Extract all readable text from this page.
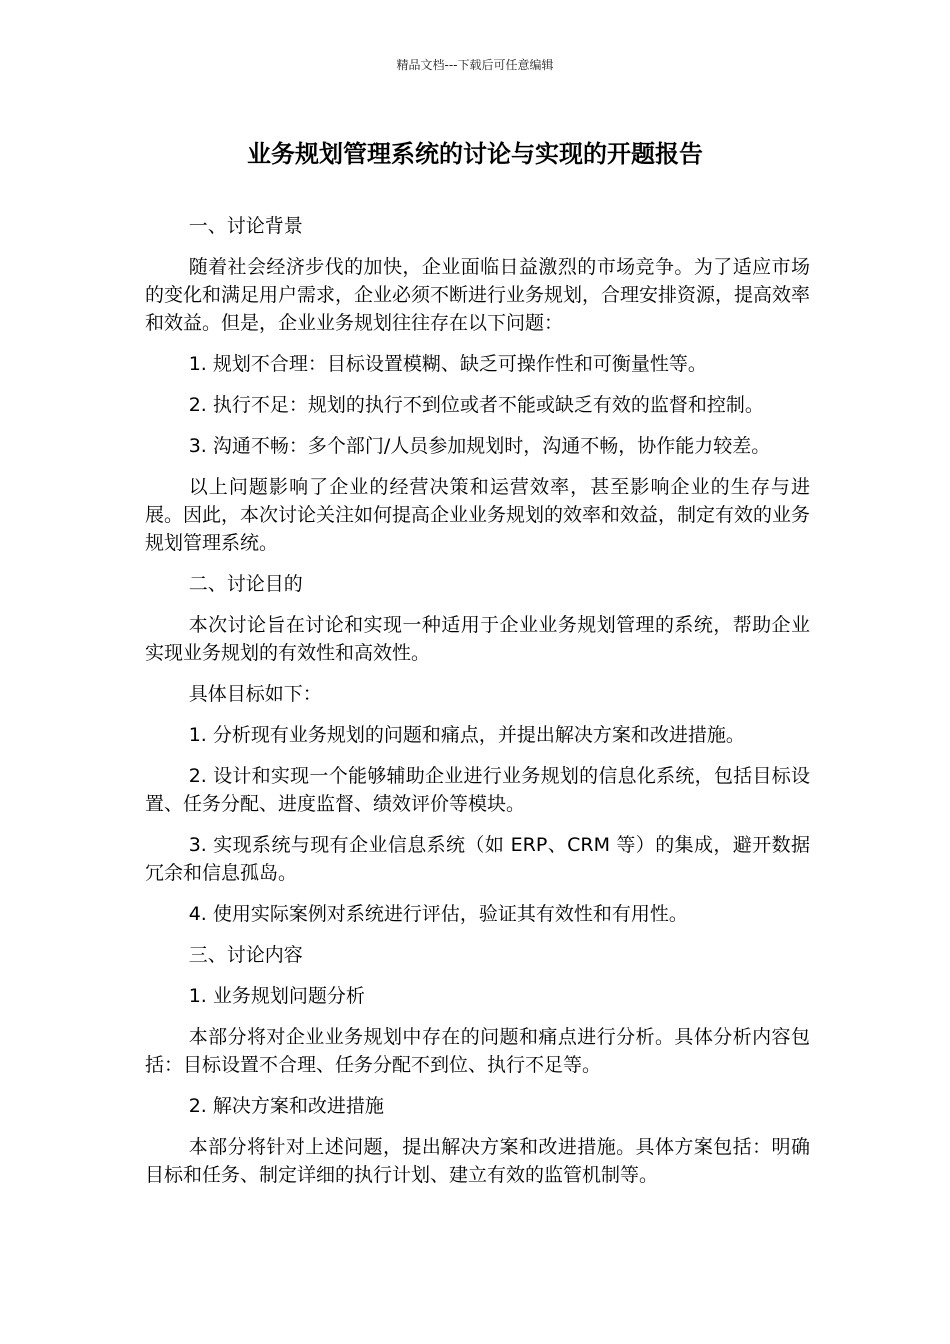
精品文档---下载后可任意编辑
业务规划管理系统的讨论与实现的开题报告

一、讨论背景

随着社会经济步伐的加快，企业面临日益激烈的市场竞争。为了适应市场的变化和满足用户需求，企业必须不断进行业务规划，合理安排资源，提高效率和效益。但是，企业业务规划往往存在以下问题：

1. 规划不合理：目标设置模糊、缺乏可操作性和可衡量性等。

2. 执行不足：规划的执行不到位或者不能或缺乏有效的监督和控制。

3. 沟通不畅：多个部门/人员参加规划时，沟通不畅，协作能力较差。

以上问题影响了企业的经营决策和运营效率，甚至影响企业的生存与进展。因此，本次讨论关注如何提高企业业务规划的效率和效益，制定有效的业务规划管理系统。

二、讨论目的

本次讨论旨在讨论和实现一种适用于企业业务规划管理的系统，帮助企业实现业务规划的有效性和高效性。

具体目标如下：

1. 分析现有业务规划的问题和痛点，并提出解决方案和改进措施。

2. 设计和实现一个能够辅助企业进行业务规划的信息化系统，包括目标设置、任务分配、进度监督、绩效评价等模块。

3. 实现系统与现有企业信息系统（如 ERP、CRM 等）的集成，避开数据冗余和信息孤岛。

4. 使用实际案例对系统进行评估，验证其有效性和有用性。

三、讨论内容

1. 业务规划问题分析

本部分将对企业业务规划中存在的问题和痛点进行分析。具体分析内容包括：目标设置不合理、任务分配不到位、执行不足等。

2. 解决方案和改进措施

本部分将针对上述问题，提出解决方案和改进措施。具体方案包括：明确目标和任务、制定详细的执行计划、建立有效的监管机制等。
